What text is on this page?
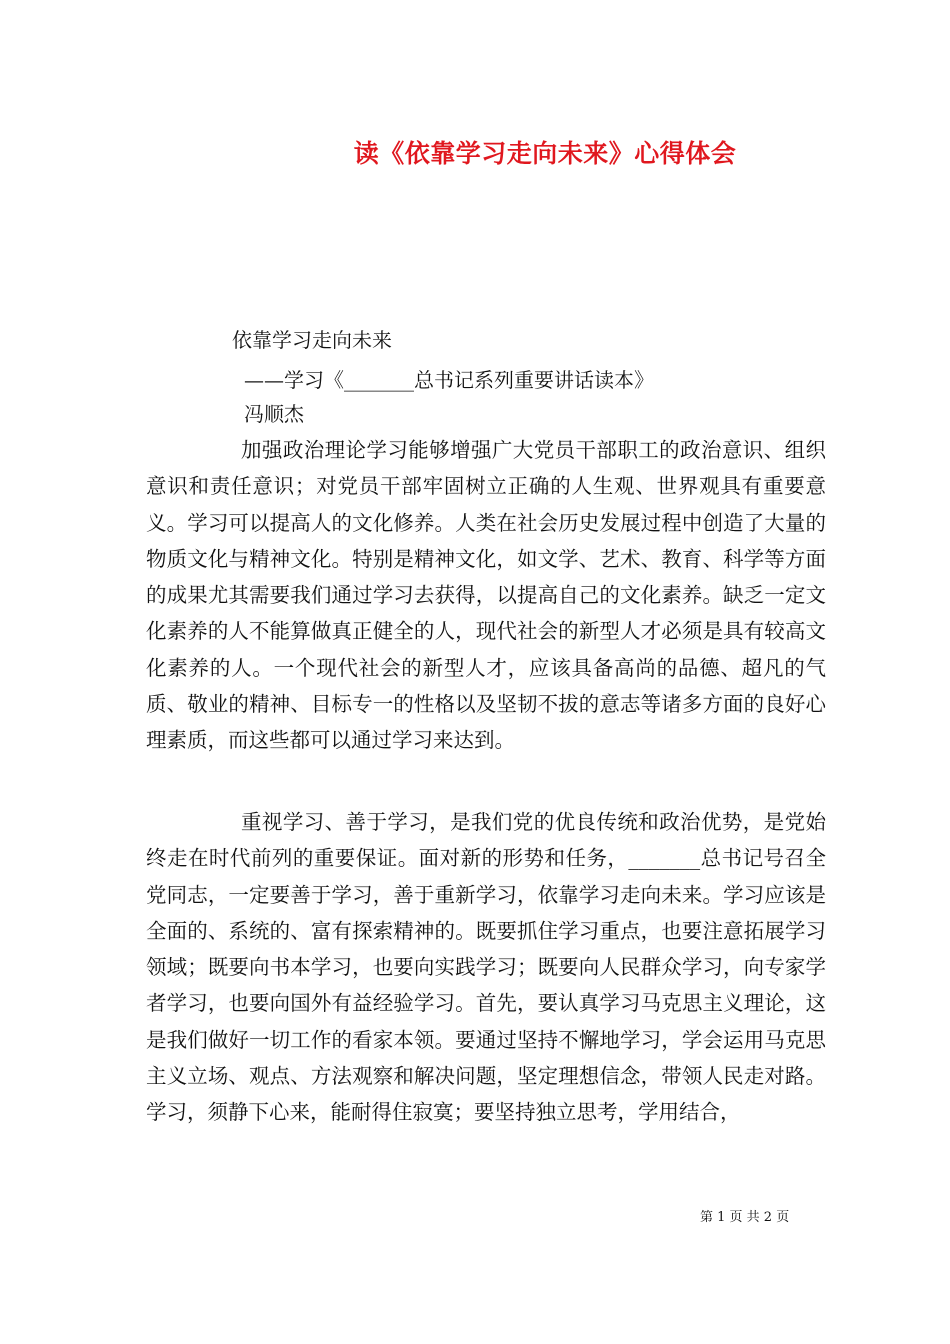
读《依靠学习走向未来》心得体会
依靠学习走向未来
——学习《_______总书记系列重要讲话读本》
冯顺杰

加强政治理论学习能够增强广大党员干部职工的政治意识、组织意识和责任意识；对党员干部牢固树立正确的人生观、世界观具有重要意义。学习可以提高人的文化修养。人类在社会历史发展过程中创造了大量的物质文化与精神文化。特别是精神文化，如文学、艺术、教育、科学等方面的成果尤其需要我们通过学习去获得，以提高自己的文化素养。缺乏一定文化素养的人不能算做真正健全的人，现代社会的新型人才必须是具有较高文化素养的人。一个现代社会的新型人才，应该具备高尚的品德、超凡的气质、敬业的精神、目标专一的性格以及坚韧不拔的意志等诸多方面的良好心理素质，而这些都可以通过学习来达到。

重视学习、善于学习，是我们党的优良传统和政治优势，是党始终走在时代前列的重要保证。面对新的形势和任务，_______总书记号召全党同志，一定要善于学习，善于重新学习，依靠学习走向未来。学习应该是全面的、系统的、富有探索精神的。既要抓住学习重点，也要注意拓展学习领域；既要向书本学习，也要向实践学习；既要向人民群众学习，向专家学者学习，也要向国外有益经验学习。首先，要认真学习马克思主义理论，这是我们做好一切工作的看家本领。要通过坚持不懈地学习，学会运用马克思主义立场、观点、方法观察和解决问题，坚定理想信念，带领人民走对路。学习，须静下心来，能耐得住寂寞；要坚持独立思考，学用结合，

第 1 页 共 2 页
